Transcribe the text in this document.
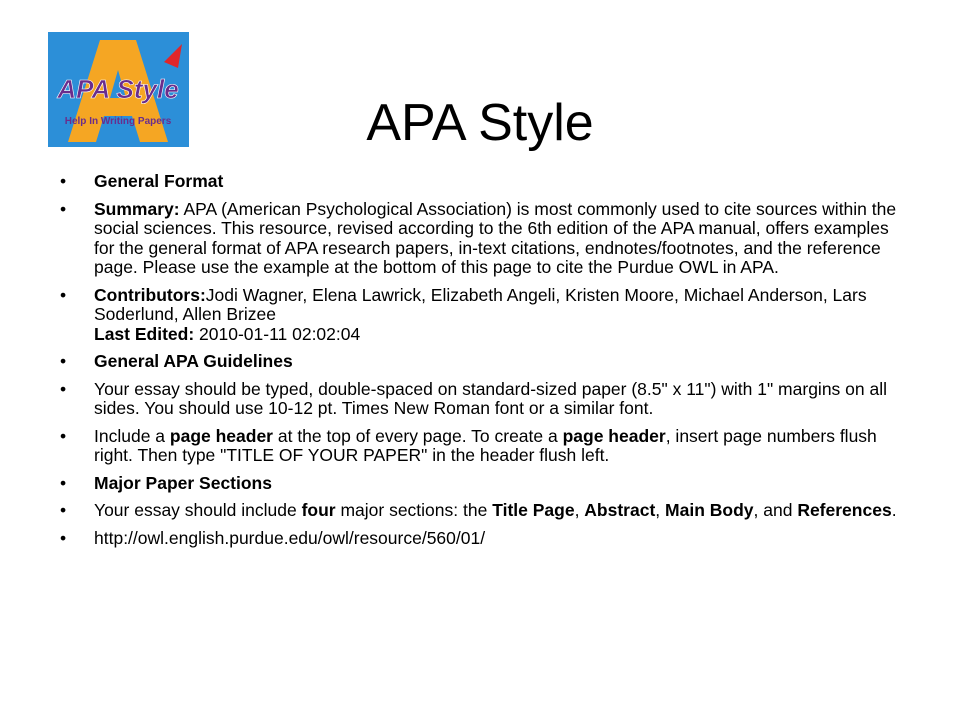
APA Style
Help In Writing Papers	APA Style
•	General Format
•	Summary: APA (American Psychological Association) is most commonly used to cite sources within the social sciences. This resource, revised according to the 6th edition of the APA manual, offers examples for the general format of APA research papers, in-text citations, endnotes/footnotes, and the reference page. Please use the example at the bottom of this page to cite the Purdue OWL in APA.
•	Contributors:Jodi Wagner, Elena Lawrick, Elizabeth Angeli, Kristen Moore, Michael Anderson, Lars Soderlund, Allen Brizee
Last Edited: 2010-01-11 02:02:04
•	General APA Guidelines
•	Your essay should be typed, double-spaced on standard-sized paper (8.5" x 11") with 1" margins on all sides. You should use 10-12 pt. Times New Roman font or a similar font.
•	Include a page header at the top of every page. To create a page header, insert page numbers flush right. Then type "TITLE OF YOUR PAPER" in the header flush left.
•	Major Paper Sections
•	Your essay should include four major sections: the Title Page, Abstract, Main Body, and References.
•	http://owl.english.purdue.edu/owl/resource/560/01/
